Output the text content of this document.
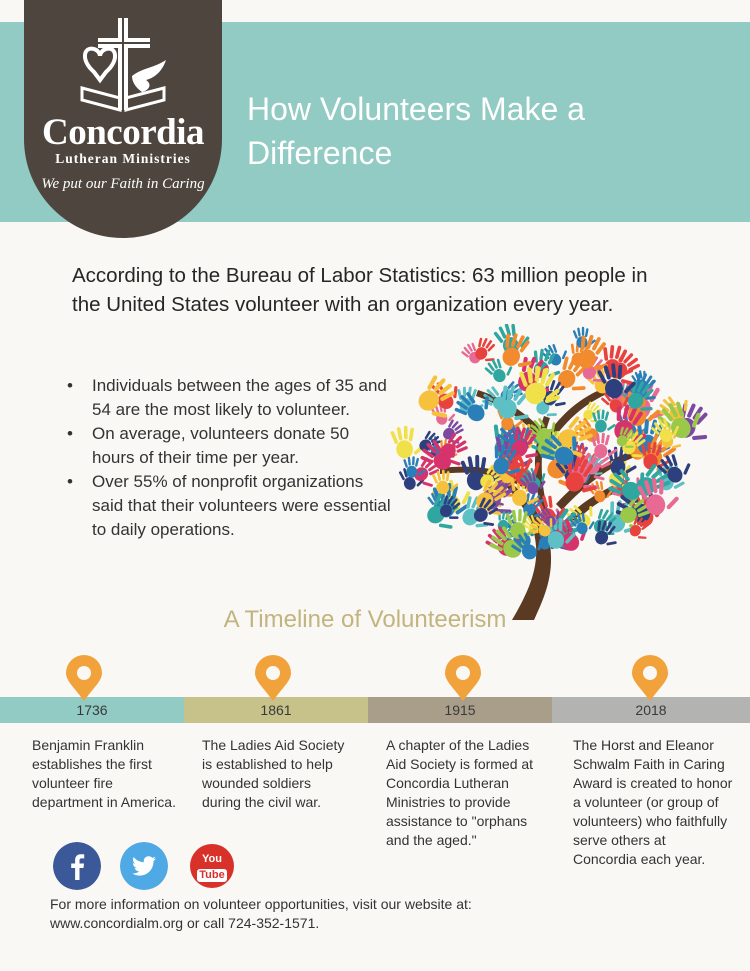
Concordia
Lutheran Ministries
We put our Faith in Caring
How Volunteers Make a Difference
According to the Bureau of Labor Statistics: 63 million people in the United States volunteer with an organization every year.
• Individuals between the ages of 35 and 54 are the most likely to volunteer.
• On average, volunteers donate 50 hours of their time per year.
• Over 55% of nonprofit organizations said that their volunteers were essential to daily operations.
A Timeline of Volunteerism
1736	1861	1915	2018
Benjamin Franklin establishes the first volunteer fire department in America.
The Ladies Aid Society is established to help wounded soldiers during the civil war.
A chapter of the Ladies Aid Society is formed at Concordia Lutheran Ministries to provide assistance to "orphans and the aged."
The Horst and Eleanor Schwalm Faith in Caring Award is created to honor a volunteer (or group of volunteers) who faithfully serve others at Concordia each year.
You
Tube
For more information on volunteer opportunities, visit our website at: www.concordialm.org or call 724-352-1571.
